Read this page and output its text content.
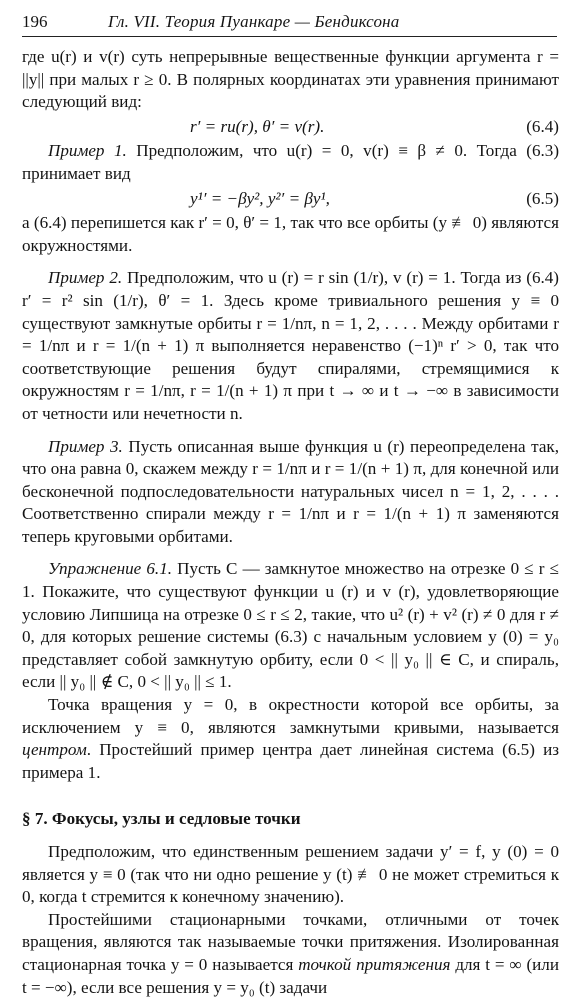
196	Гл. VII. Теория Пуанкаре — Бендиксона

где u(r) и v(r) суть непрерывные вещественные функции аргумента r = ||y|| при малых r ≥ 0. В полярных координатах эти уравнения принимают следующий вид:

r′ = ru(r), θ′ = v(r).	(6.4)

Пример 1. Предположим, что u(r) = 0, v(r) ≡ β ≠ 0. Тогда (6.3) принимает вид

y¹′ = −βy², y²′ = βy¹,	(6.5)

а (6.4) перепишется как r′ = 0, θ′ = 1, так что все орбиты (y ≢ 0) являются окружностями.

Пример 2. Предположим, что u (r) = r sin (1/r), v (r) = 1. Тогда из (6.4) r′ = r² sin (1/r), θ′ = 1. Здесь кроме тривиального решения y ≡ 0 существуют замкнутые орбиты r = 1/nπ, n = 1, 2, . . . . Между орбитами r = 1/nπ и r = 1/(n + 1) π выполняется неравенство (−1)ⁿ r′ > 0, так что соответствующие решения будут спиралями, стремящимися к окружностям r = 1/nπ, r = 1/(n + 1) π при t → ∞ и t → −∞ в зависимости от четности или нечетности n.

Пример 3. Пусть описанная выше функция u (r) переопределена так, что она равна 0, скажем между r = 1/nπ и r = 1/(n + 1) π, для конечной или бесконечной подпоследовательности натуральных чисел n = 1, 2, . . . . Соответственно спирали между r = 1/nπ и r = 1/(n + 1) π заменяются теперь круговыми орбитами.

Упражнение 6.1. Пусть C — замкнутое множество на отрезке 0 ≤ r ≤ 1. Покажите, что существуют функции u (r) и v (r), удовлетворяющие условию Липшица на отрезке 0 ≤ r ≤ 2, такие, что u² (r) + v² (r) ≠ 0 для r ≠ 0, для которых решение системы (6.3) с начальным условием y (0) = y₀ представляет собой замкнутую орбиту, если 0 < || y₀ || ∈ C, и спираль, если || y₀ || ∉ C, 0 < || y₀ || ≤ 1.

Точка вращения y = 0, в окрестности которой все орбиты, за исключением y ≡ 0, являются замкнутыми кривыми, называется центром. Простейший пример центра дает линейная система (6.5) из примера 1.

§ 7. Фокусы, узлы и седловые точки

Предположим, что единственным решением задачи y′ = f, y (0) = 0 является y ≡ 0 (так что ни одно решение y (t) ≢ 0 не может стремиться к 0, когда t стремится к конечному значению).

Простейшими стационарными точками, отличными от точек вращения, являются так называемые точки притяжения. Изолированная стационарная точка y = 0 называется точкой притяжения для t = ∞ (или t = −∞), если все решения y = y₀ (t) задачи
